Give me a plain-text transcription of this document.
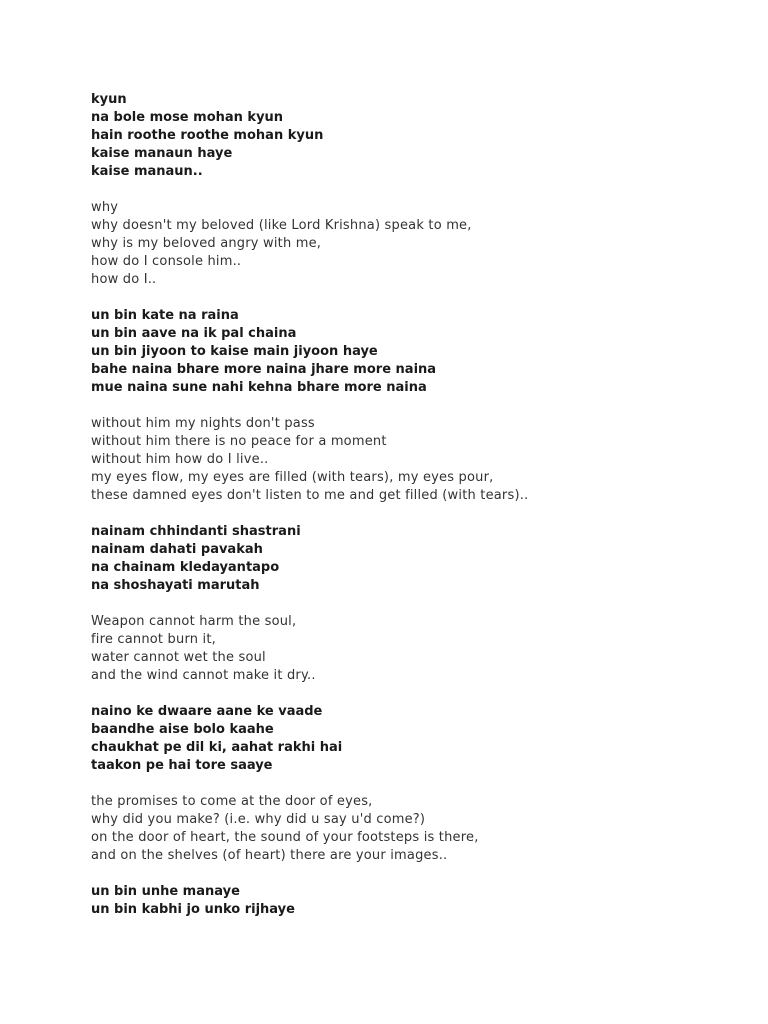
kyun
na bole mose mohan kyun
hain roothe roothe mohan kyun
kaise manaun haye
kaise manaun..
why
why doesn't my beloved (like Lord Krishna) speak to me,
why is my beloved angry with me,
how do I console him..
how do I..
un bin kate na raina
un bin aave na ik pal chaina
un bin jiyoon to kaise main jiyoon haye
bahe naina bhare more naina jhare more naina
mue naina sune nahi kehna bhare more naina
without him my nights don't pass
without him there is no peace for a moment
without him how do I live..
my eyes flow, my eyes are filled (with tears), my eyes pour,
these damned eyes don't listen to me and get filled (with tears)..
nainam chhindanti shastrani
nainam dahati pavakah
na chainam kledayantapo
na shoshayati marutah
Weapon cannot harm the soul,
fire cannot burn it,
water cannot wet the soul
and the wind cannot make it dry..
naino ke dwaare aane ke vaade
baandhe aise bolo kaahe
chaukhat pe dil ki, aahat rakhi hai
taakon pe hai tore saaye
the promises to come at the door of eyes,
why did you make? (i.e. why did u say u'd come?)
on the door of heart, the sound of your footsteps is there,
and on the shelves (of heart) there are your images..
un bin unhe manaye
un bin kabhi jo unko rijhaye
